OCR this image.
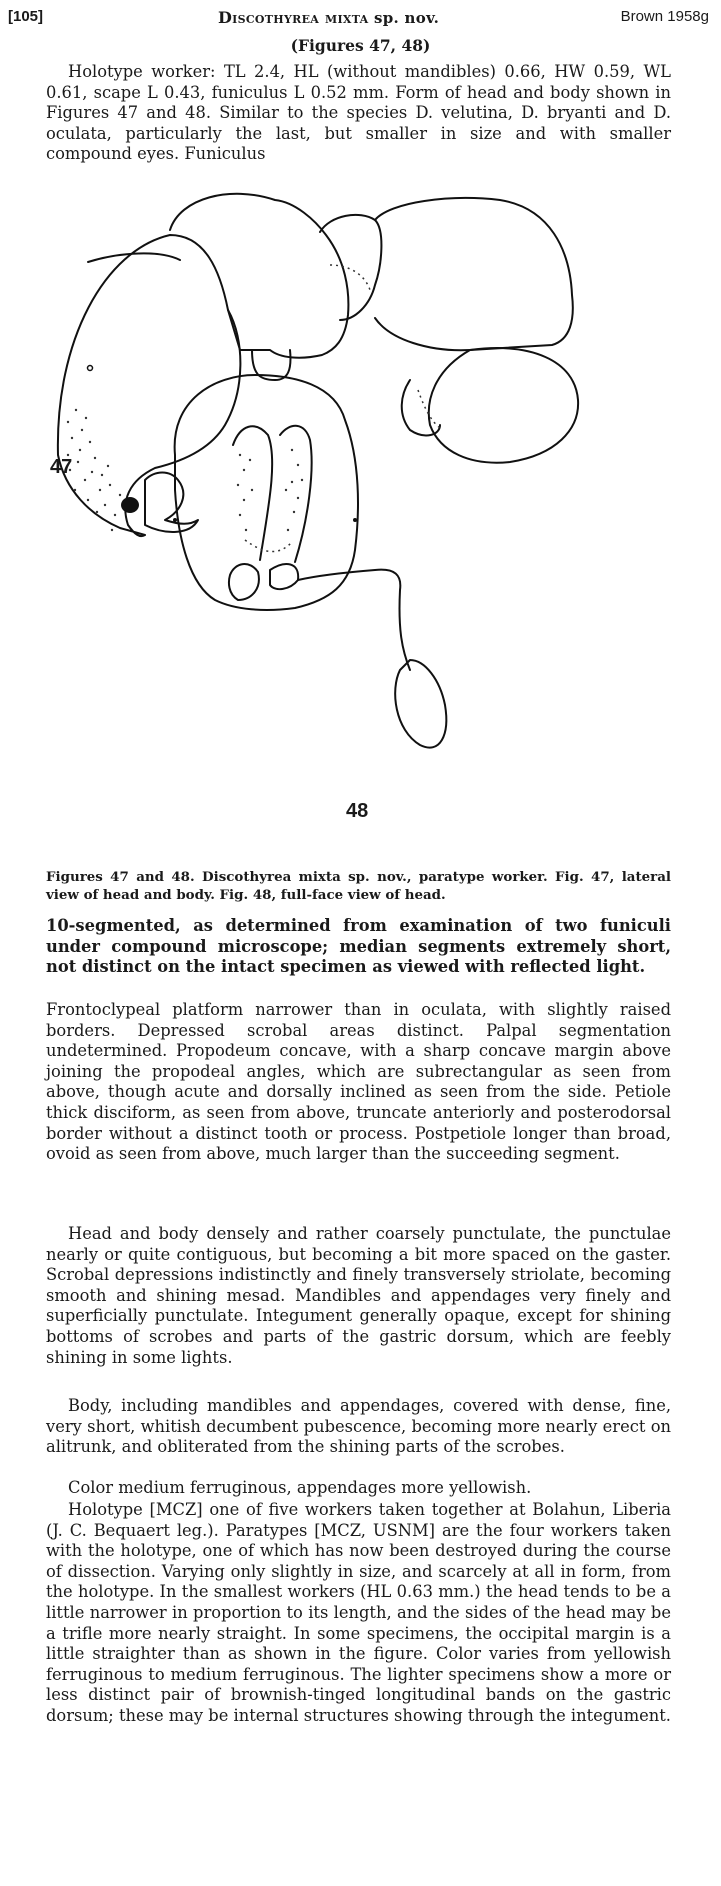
[105]	Discothyrea mixta sp. nov.	Brown 1958g
(Figures 47, 48)
Holotype worker: TL 2.4, HL (without mandibles) 0.66, HW 0.59, WL 0.61, scape L 0.43, funiculus L 0.52 mm. Form of head and body shown in Figures 47 and 48. Similar to the species D. velutina, D. bryanti and D. oculata, particularly the last, but smaller in size and with smaller compound eyes. Funiculus
47
48
Figures 47 and 48. Discothyrea mixta sp. nov., paratype worker. Fig. 47, lateral view of head and body. Fig. 48, full-face view of head.
10-segmented, as determined from examination of two funiculi under compound microscope; median segments extremely short, not distinct on the intact specimen as viewed with reflected light.
Frontoclypeal platform narrower than in oculata, with slightly raised borders. Depressed scrobal areas distinct. Palpal segmentation undetermined. Propodeum concave, with a sharp concave margin above joining the propodeal angles, which are subrectangular as seen from above, though acute and dorsally inclined as seen from the side. Petiole thick disciform, as seen from above, truncate anteriorly and posterodorsal border without a distinct tooth or process. Postpetiole longer than broad, ovoid as seen from above, much larger than the succeeding segment.
Head and body densely and rather coarsely punctulate, the punctulae nearly or quite contiguous, but becoming a bit more spaced on the gaster. Scrobal depressions indistinctly and finely transversely striolate, becoming smooth and shining mesad. Mandibles and appendages very finely and superficially punctulate. Integument generally opaque, except for shining bottoms of scrobes and parts of the gastric dorsum, which are feebly shining in some lights.
Body, including mandibles and appendages, covered with dense, fine, very short, whitish decumbent pubescence, becoming more nearly erect on alitrunk, and obliterated from the shining parts of the scrobes.
Color medium ferruginous, appendages more yellowish.
Holotype [MCZ] one of five workers taken together at Bolahun, Liberia (J. C. Bequaert leg.). Paratypes [MCZ, USNM] are the four workers taken with the holotype, one of which has now been destroyed during the course of dissection. Varying only slightly in size, and scarcely at all in form, from the holotype. In the smallest workers (HL 0.63 mm.) the head tends to be a little narrower in proportion to its length, and the sides of the head may be a trifle more nearly straight. In some specimens, the occipital margin is a little straighter than as shown in the figure. Color varies from yellowish ferruginous to medium ferruginous. The lighter specimens show a more or less distinct pair of brownish-tinged longitudinal bands on the gastric dorsum; these may be internal structures showing through the integument.
